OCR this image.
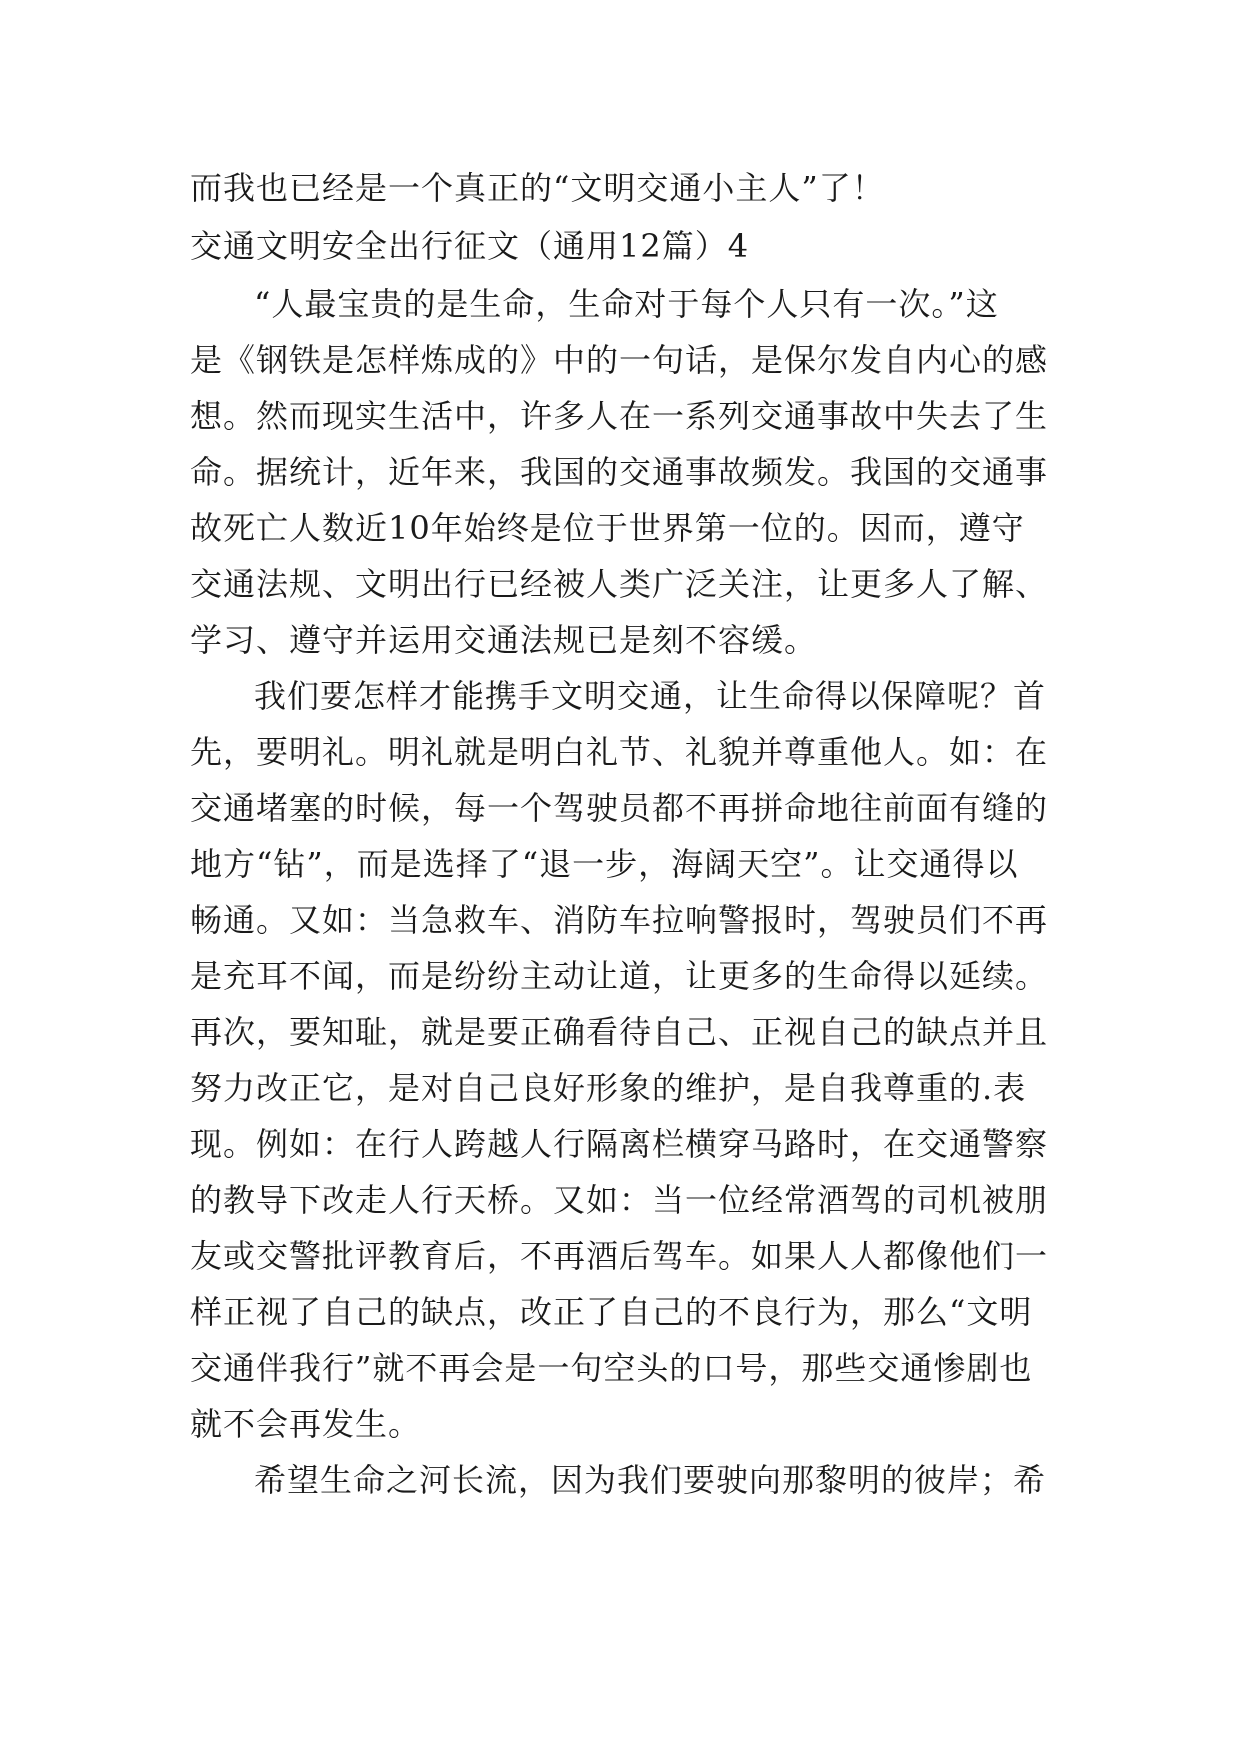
而我也已经是一个真正的“文明交通小主人”了！
交通文明安全出行征文（通用12篇）4
“人最宝贵的是生命，生命对于每个人只有一次。”这
是《钢铁是怎样炼成的》中的一句话，是保尔发自内心的感
想。然而现实生活中，许多人在一系列交通事故中失去了生
命。据统计，近年来，我国的交通事故频发。我国的交通事
故死亡人数近10年始终是位于世界第一位的。因而，遵守
交通法规、文明出行已经被人类广泛关注，让更多人了解、
学习、遵守并运用交通法规已是刻不容缓。
我们要怎样才能携手文明交通，让生命得以保障呢？首
先，要明礼。明礼就是明白礼节、礼貌并尊重他人。如：在
交通堵塞的时候，每一个驾驶员都不再拼命地往前面有缝的
地方“钻”，而是选择了“退一步，海阔天空”。让交通得以
畅通。又如：当急救车、消防车拉响警报时，驾驶员们不再
是充耳不闻，而是纷纷主动让道，让更多的生命得以延续。
再次，要知耻，就是要正确看待自己、正视自己的缺点并且
努力改正它，是对自己良好形象的维护，是自我尊重的.表
现。例如：在行人跨越人行隔离栏横穿马路时，在交通警察
的教导下改走人行天桥。又如：当一位经常酒驾的司机被朋
友或交警批评教育后，不再酒后驾车。如果人人都像他们一
样正视了自己的缺点，改正了自己的不良行为，那么“文明
交通伴我行”就不再会是一句空头的口号，那些交通惨剧也
就不会再发生。
希望生命之河长流，因为我们要驶向那黎明的彼岸；希
